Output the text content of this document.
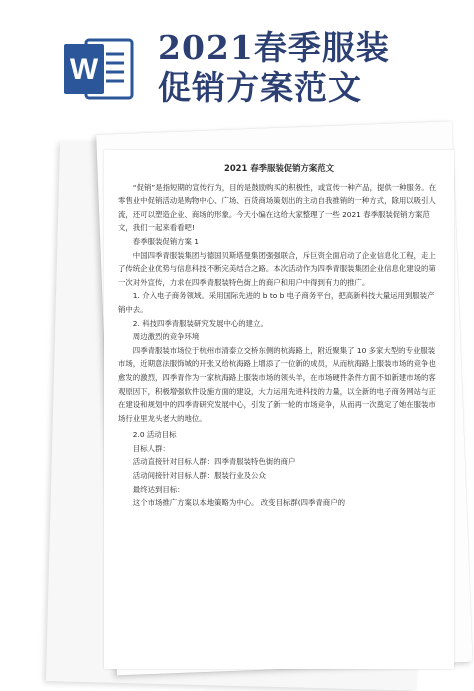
W
2021春季服装
促销方案范文
2021 春季服装促销方案范文

“促销”是指短期的宣传行为，目的是鼓励购买的积极性，或宣传一种产品，提供一种服务。在零售业中促销活动是购物中心、广场、百货商场策划出的主动自我推销的一种方式，除用以吸引人流，还可以塑造企业、商场的形象。今天小编在这给大家整理了一些 2021 春季服装促销方案范文，我们一起来看看吧!

春季服装促销方案 1

中国四季青服装集团与德国贝斯塔曼集团强强联合，斥巨资全面启动了企业信息化工程，走上了传统企业优势与信息科技不断完美结合之路。本次活动作为四季青服装集团企业信息化建设的第一次对外宣传，力求在四季青服装特色街上的商户和用户中得到有力的推广。

1. 介入电子商务领域。采用国际先进的 b to b 电子商务平台，把高新科技大量运用到服装产销中去。

2. 科技四季青服装研究发展中心的建立。

周边激烈的竞争环境

四季青服装市场位于杭州市清泰立交桥东侧的杭海路上，附近聚集了 10 多家大型的专业服装市场，近期意法服饰城的开张又给杭海路上增添了一位新的成员，从而杭海路上服装市场的竞争也愈发的激烈，四季青作为一家杭海路上服装市场的领头羊，在市场硬件条件方面不如新建市场的客观原因下，积极增强软件设施方面的建设，大力运用先进科技的力量，以全新的电子商务网站与正在建设和规划中的四季青研究发展中心，引发了新一轮的市场竞争，从而再一次奠定了她在服装市场行业里龙头老大的地位。

2.0 活动目标

目标人群：

活动直接针对目标人群：四季青服装特色街的商户

活动间接针对目标人群：服装行业及公众

最终达到目标：

这个市场推广方案以本地策略为中心。 改变目标群(四季青商户的
